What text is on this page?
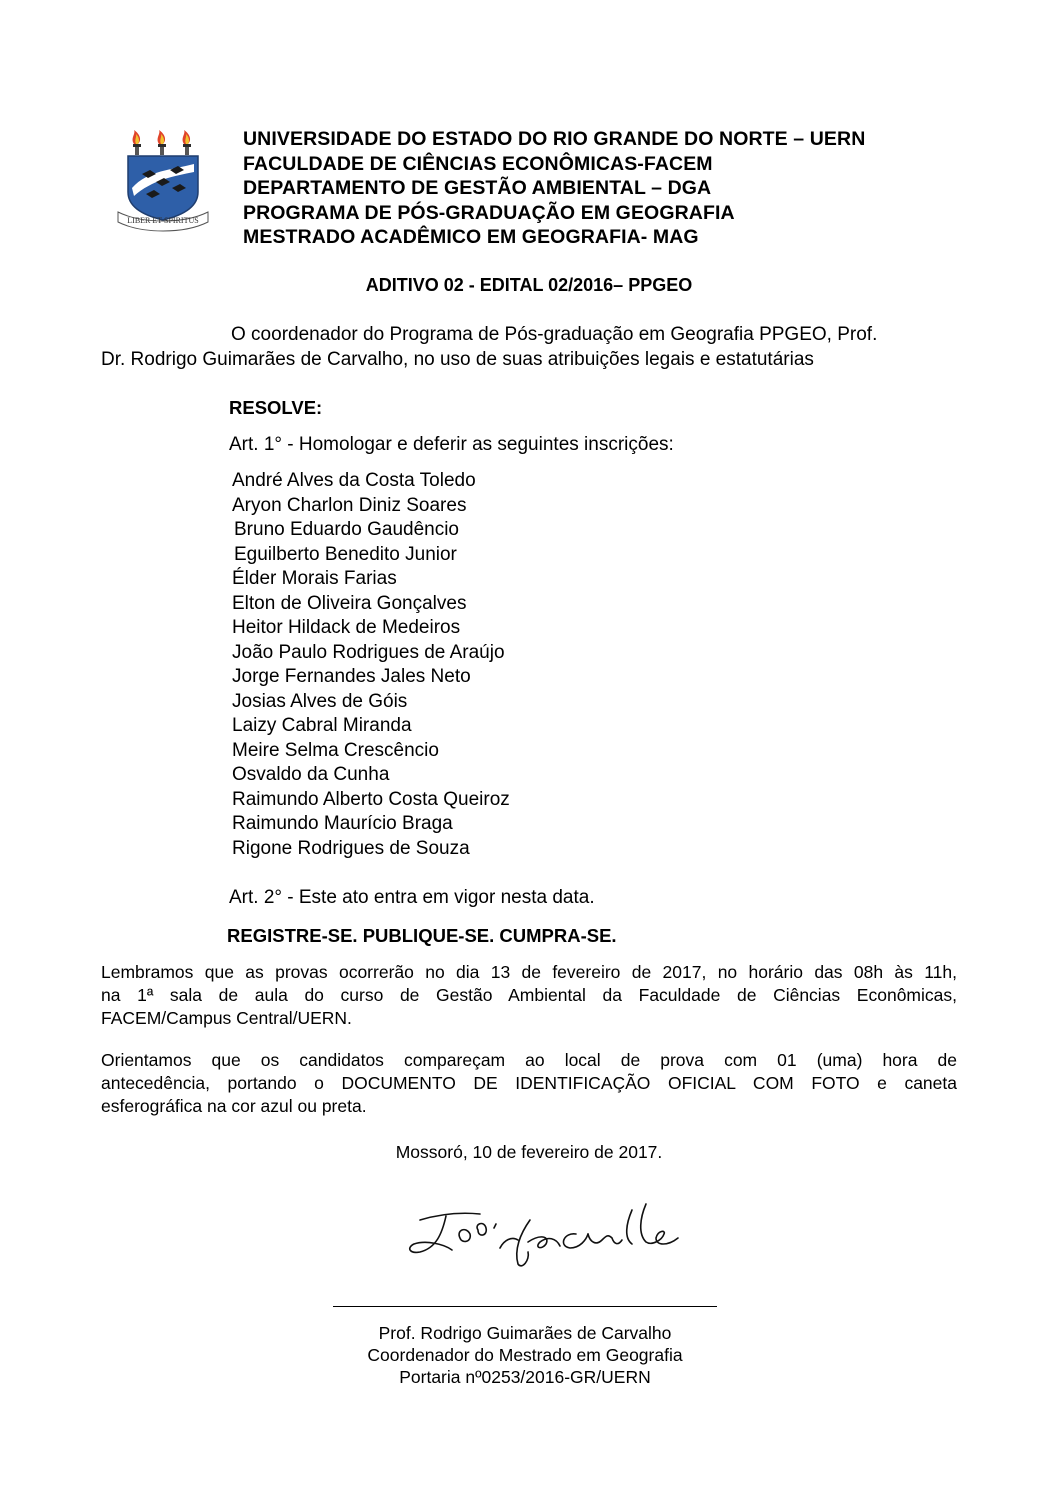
LIBER ET SPIRITUS
UNIVERSIDADE DO ESTADO DO RIO GRANDE DO NORTE – UERN
FACULDADE DE CIÊNCIAS ECONÔMICAS-FACEM
DEPARTAMENTO DE GESTÃO AMBIENTAL – DGA
PROGRAMA DE PÓS-GRADUAÇÃO EM GEOGRAFIA
MESTRADO ACADÊMICO EM GEOGRAFIA- MAG
ADITIVO 02 - EDITAL 02/2016– PPGEO
O coordenador do Programa de Pós-graduação em Geografia PPGEO, Prof.
Dr. Rodrigo Guimarães de Carvalho, no uso de suas atribuições legais e estatutárias
RESOLVE:
Art. 1° - Homologar e deferir as seguintes inscrições:
André Alves da Costa Toledo
Aryon Charlon Diniz Soares
Bruno Eduardo Gaudêncio
Eguilberto Benedito Junior
Élder Morais Farias
Elton de Oliveira Gonçalves
Heitor Hildack de Medeiros
João Paulo Rodrigues de Araújo
Jorge Fernandes Jales Neto
Josias Alves de Góis
Laizy Cabral Miranda
Meire Selma Crescêncio
Osvaldo da Cunha
Raimundo Alberto Costa Queiroz
Raimundo Maurício Braga
Rigone Rodrigues de Souza
Art. 2° - Este ato entra em vigor nesta data.
REGISTRE-SE. PUBLIQUE-SE. CUMPRA-SE.
Lembramos que as provas ocorrerão no dia 13 de fevereiro de 2017, no horário das 08h às 11h,
na 1ª sala de aula do curso de Gestão Ambiental da Faculdade de Ciências Econômicas,
FACEM/Campus Central/UERN.
Orientamos que os candidatos compareçam ao local de prova com 01 (uma) hora de
antecedência, portando o DOCUMENTO DE IDENTIFICAÇÃO OFICIAL COM FOTO e caneta
esferográfica na cor azul ou preta.
Mossoró, 10 de fevereiro de 2017.
Prof. Rodrigo Guimarães de Carvalho
Coordenador do Mestrado em Geografia
Portaria nº0253/2016-GR/UERN
